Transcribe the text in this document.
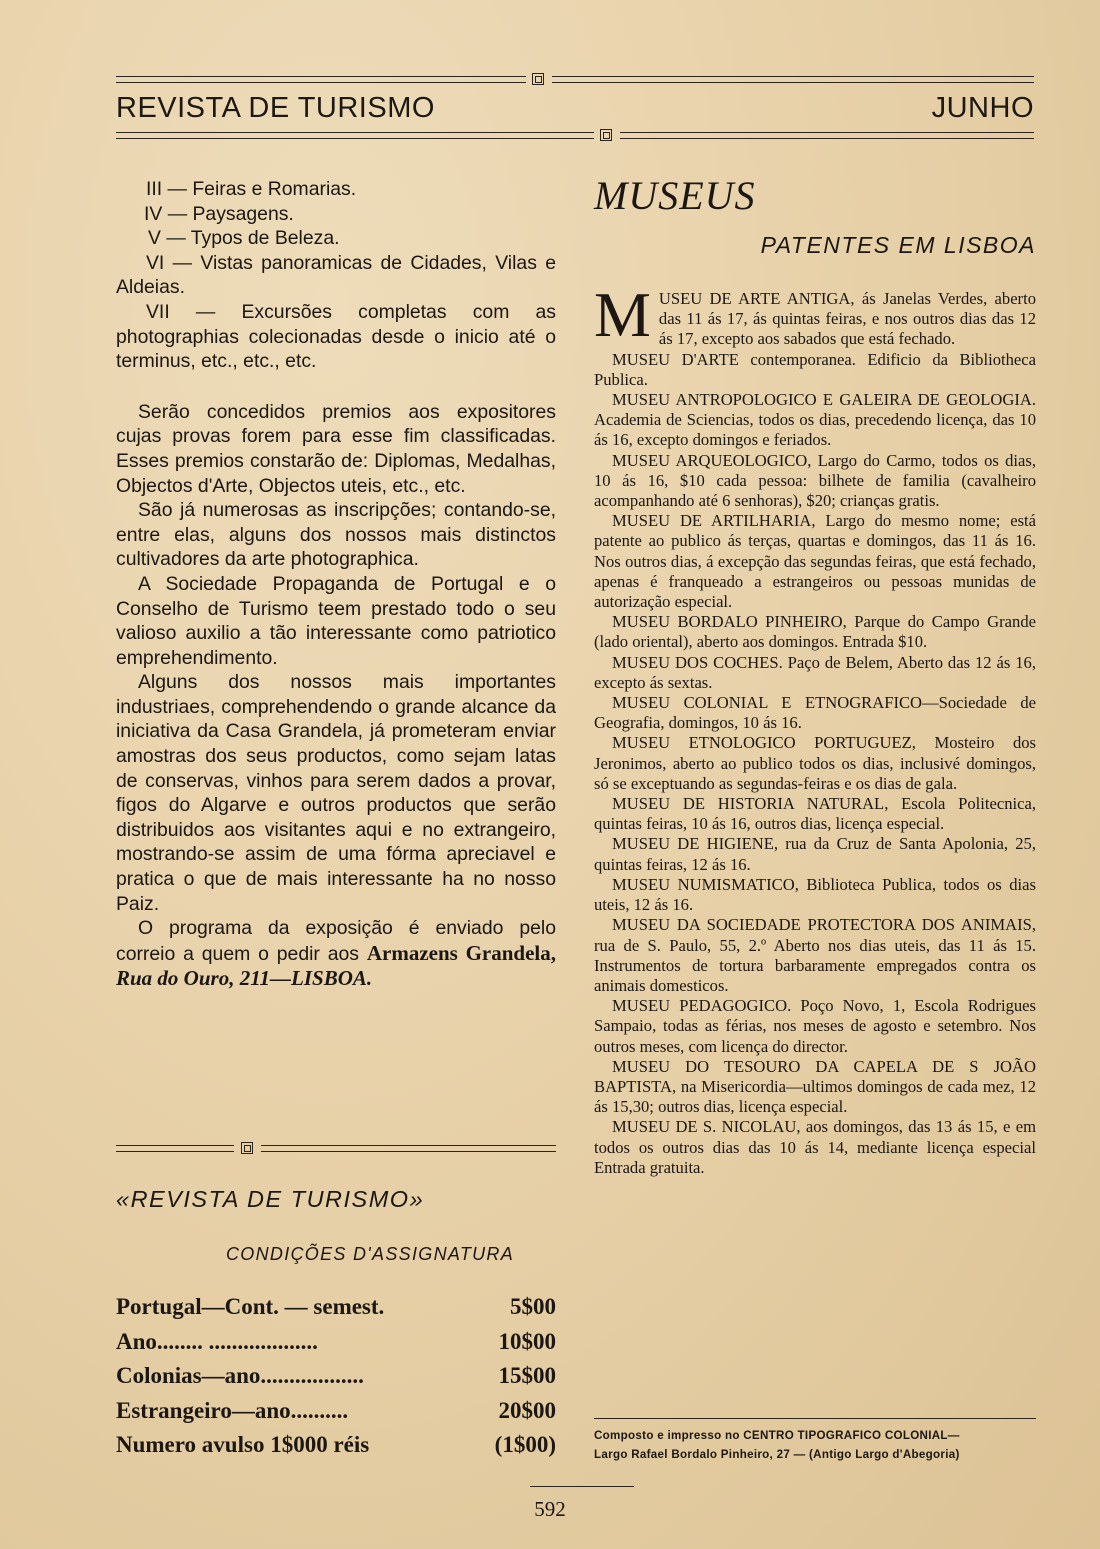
REVISTA DE TURISMO	JUNHO

III — Feiras e Romarias.

IV — Paysagens.

V — Typos de Beleza.

VI — Vistas panoramicas de Cidades, Vilas e Aldeias.

VII — Excursões completas com as photographias colecionadas desde o inicio até o terminus, etc., etc., etc.

Serão concedidos premios aos expositores cujas provas forem para esse fim classificadas. Esses premios constarão de: Diplomas, Medalhas, Objectos d'Arte, Objectos uteis, etc., etc.

São já numerosas as inscripções; contando-se, entre elas, alguns dos nossos mais distinctos cultivadores da arte photographica.

A Sociedade Propaganda de Portugal e o Conselho de Turismo teem prestado todo o seu valioso auxilio a tão interessante como patriotico emprehendimento.

Alguns dos nossos mais importantes industriaes, comprehendendo o grande alcance da iniciativa da Casa Grandela, já prometeram enviar amostras dos seus productos, como sejam latas de conservas, vinhos para serem dados a provar, figos do Algarve e outros productos que serão distribuidos aos visitantes aqui e no extrangeiro, mostrando-se assim de uma fórma apreciavel e pratica o que de mais interessante ha no nosso Paiz.

O programa da exposição é enviado pelo correio a quem o pedir aos Armazens Grandela, Rua do Ouro, 211—LISBOA.

«REVISTA DE TURISMO»
CONDIÇÕES D'ASSIGNATURA
Portugal—Cont. — semest.	5$00
Ano........ ...................	10$00
Colonias—ano..................	15$00
Estrangeiro—ano..........	20$00
Numero avulso 1$000 réis	(1$00)
MUSEUS
PATENTES EM LISBOA

M USEU DE ARTE ANTIGA, ás Janelas Verdes, aberto das 11 ás 17, ás quintas feiras, e nos outros dias das 12 ás 17, excepto aos sabados que está fechado.

MUSEU D'ARTE contemporanea. Edificio da Bibliotheca Publica.

MUSEU ANTROPOLOGICO E GALEIRA DE GEOLOGIA. Academia de Sciencias, todos os dias, precedendo licença, das 10 ás 16, excepto domingos e feriados.

MUSEU ARQUEOLOGICO, Largo do Carmo, todos os dias, 10 ás 16, $10 cada pessoa: bilhete de familia (cavalheiro acompanhando até 6 senhoras), $20; crianças gratis.

MUSEU DE ARTILHARIA, Largo do mesmo nome; está patente ao publico ás terças, quartas e domingos, das 11 ás 16. Nos outros dias, á excepção das segundas feiras, que está fechado, apenas é franqueado a estrangeiros ou pessoas munidas de autorização especial.

MUSEU BORDALO PINHEIRO, Parque do Campo Grande (lado oriental), aberto aos domingos. Entrada $10.

MUSEU DOS COCHES. Paço de Belem, Aberto das 12 ás 16, excepto ás sextas.

MUSEU COLONIAL E ETNOGRAFICO—Sociedade de Geografia, domingos, 10 ás 16.

MUSEU ETNOLOGICO PORTUGUEZ, Mosteiro dos Jeronimos, aberto ao publico todos os dias, inclusivé domingos, só se exceptuando as segundas-feiras e os dias de gala.

MUSEU DE HISTORIA NATURAL, Escola Politecnica, quintas feiras, 10 ás 16, outros dias, licença especial.

MUSEU DE HIGIENE, rua da Cruz de Santa Apolonia, 25, quintas feiras, 12 ás 16.

MUSEU NUMISMATICO, Biblioteca Publica, todos os dias uteis, 12 ás 16.

MUSEU DA SOCIEDADE PROTECTORA DOS ANIMAIS, rua de S. Paulo, 55, 2.º Aberto nos dias uteis, das 11 ás 15. Instrumentos de tortura barbaramente empregados contra os animais domesticos.

MUSEU PEDAGOGICO. Poço Novo, 1, Escola Rodrigues Sampaio, todas as férias, nos meses de agosto e setembro. Nos outros meses, com licença do director.

MUSEU DO TESOURO DA CAPELA DE S JOÃO BAPTISTA, na Misericordia—ultimos domingos de cada mez, 12 ás 15,30; outros dias, licença especial.

MUSEU DE S. NICOLAU, aos domingos, das 13 ás 15, e em todos os outros dias das 10 ás 14, mediante licença especial Entrada gratuita.

Composto e impresso no CENTRO TIPOGRAFICO COLONIAL—
Largo Rafael Bordalo Pinheiro, 27 — (Antigo Largo d'Abegoria)
592
